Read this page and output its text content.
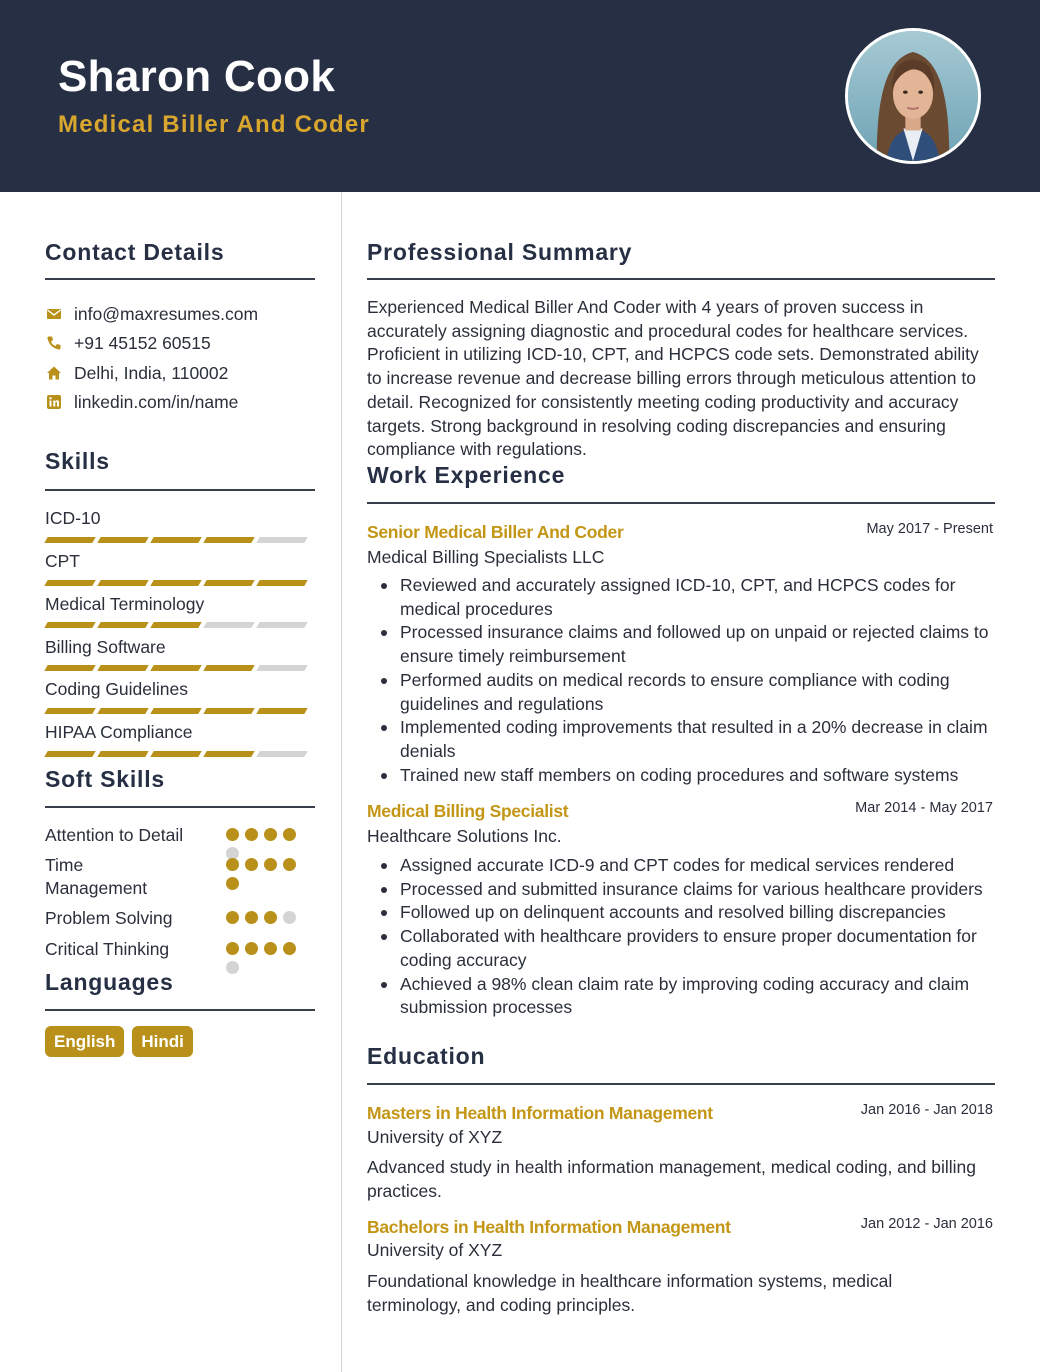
Sharon Cook
Medical Biller And Coder
Contact Details
info@maxresumes.com
+91 45152 60515
Delhi, India, 110002
linkedin.com/in/name
Skills
ICD-10
CPT
Medical Terminology
Billing Software
Coding Guidelines
HIPAA Compliance
Soft Skills
Attention to Detail
Time Management
Problem Solving
Critical Thinking
Languages
English	Hindi
Professional Summary
Experienced Medical Biller And Coder with 4 years of proven success in accurately assigning diagnostic and procedural codes for healthcare services. Proficient in utilizing ICD-10, CPT, and HCPCS code sets. Demonstrated ability to increase revenue and decrease billing errors through meticulous attention to detail. Recognized for consistently meeting coding productivity and accuracy targets. Strong background in resolving coding discrepancies and ensuring compliance with regulations.
Work Experience
Senior Medical Biller And Coder	May 2017 - Present
Medical Billing Specialists LLC
Reviewed and accurately assigned ICD-10, CPT, and HCPCS codes for medical procedures
Processed insurance claims and followed up on unpaid or rejected claims to ensure timely reimbursement
Performed audits on medical records to ensure compliance with coding guidelines and regulations
Implemented coding improvements that resulted in a 20% decrease in claim denials
Trained new staff members on coding procedures and software systems
Medical Billing Specialist	Mar 2014 - May 2017
Healthcare Solutions Inc.
Assigned accurate ICD-9 and CPT codes for medical services rendered
Processed and submitted insurance claims for various healthcare providers
Followed up on delinquent accounts and resolved billing discrepancies
Collaborated with healthcare providers to ensure proper documentation for coding accuracy
Achieved a 98% clean claim rate by improving coding accuracy and claim submission processes
Education
Masters in Health Information Management	Jan 2016 - Jan 2018
University of XYZ
Advanced study in health information management, medical coding, and billing practices.
Bachelors in Health Information Management	Jan 2012 - Jan 2016
University of XYZ
Foundational knowledge in healthcare information systems, medical terminology, and coding principles.
